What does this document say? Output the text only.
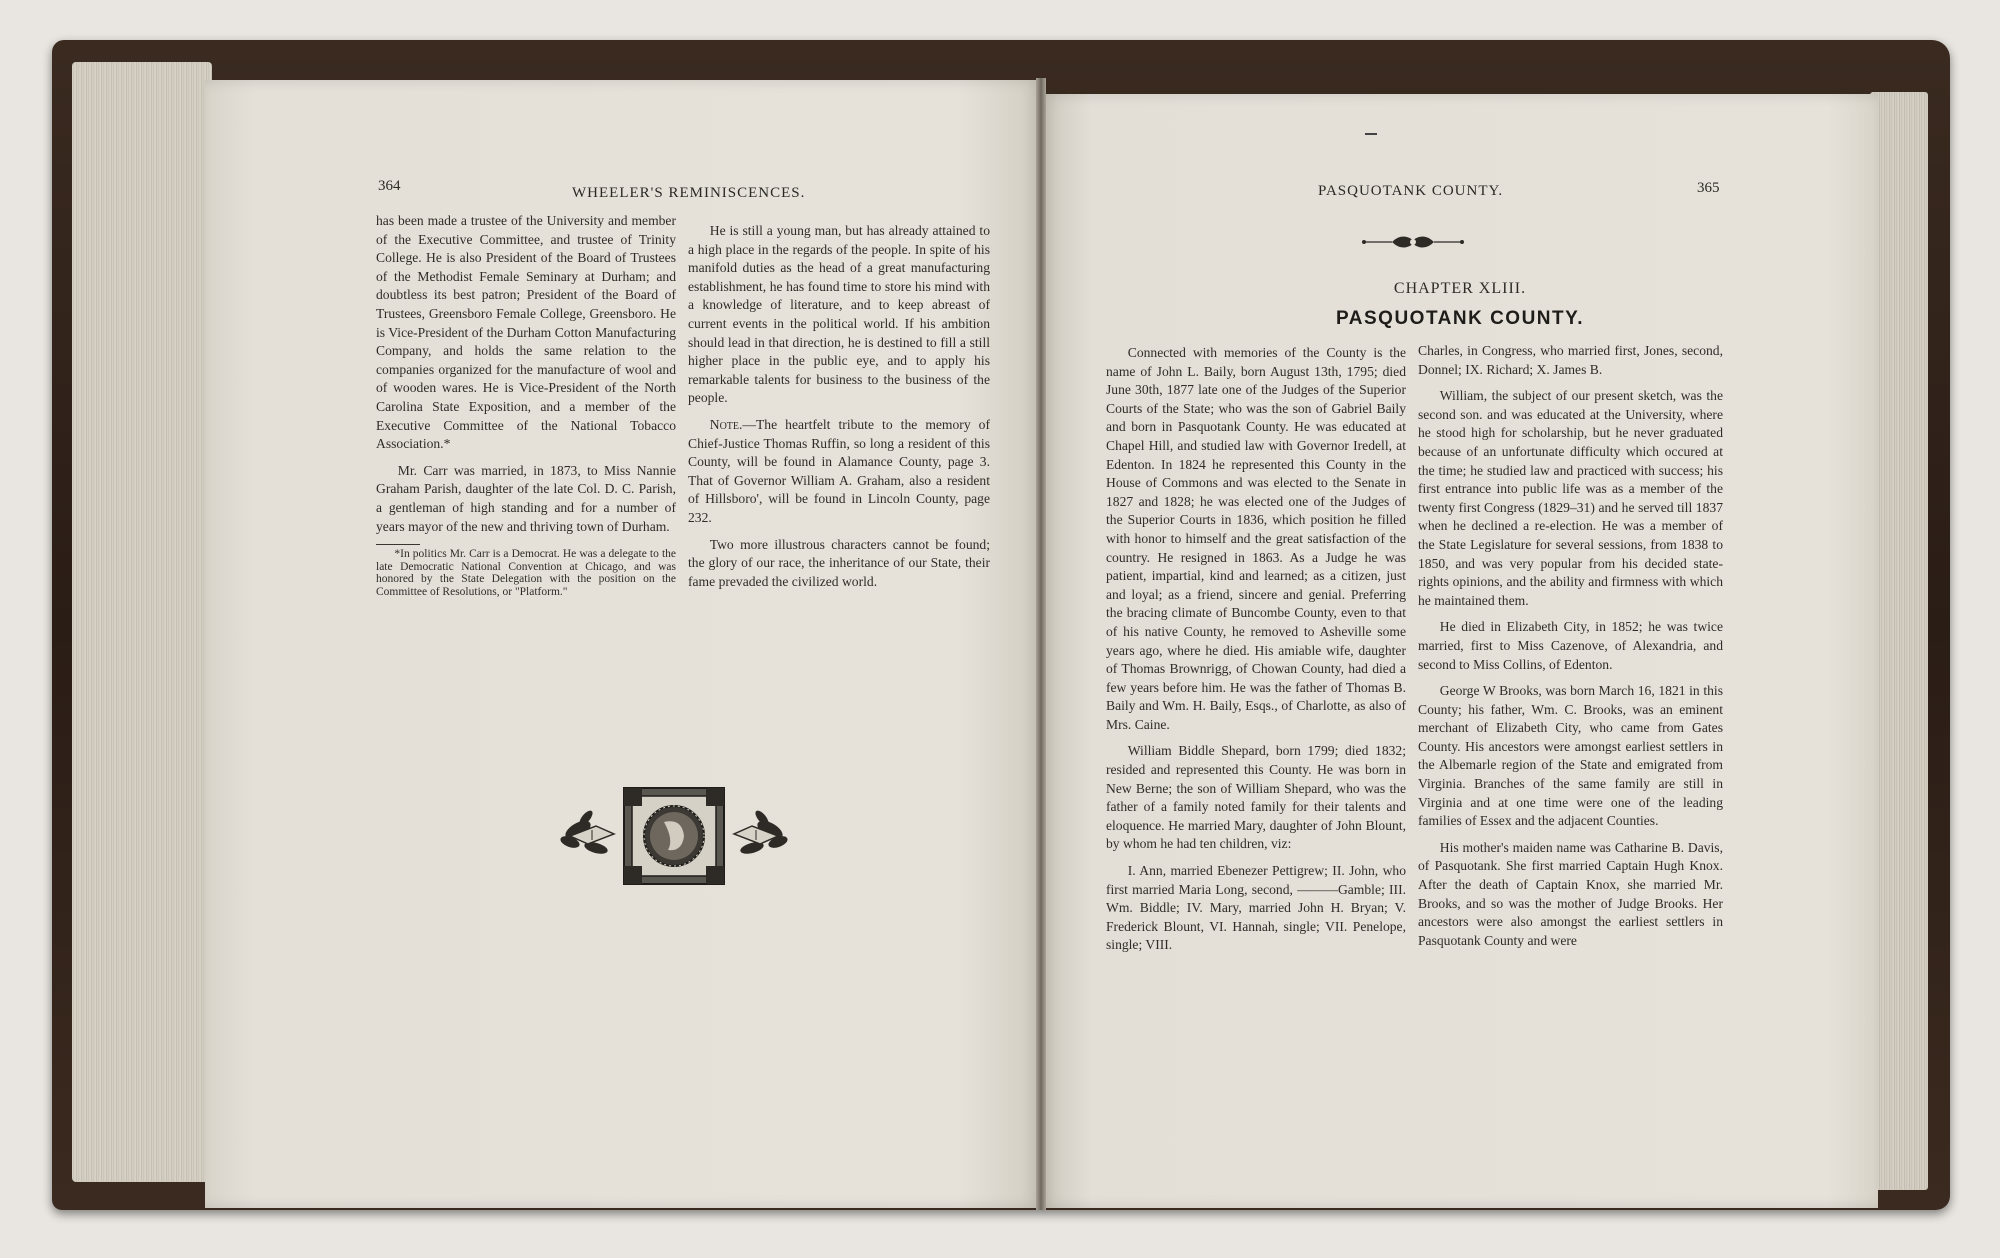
364	WHEELER'S REMINISCENCES.

has been made a trustee of the University and member of the Executive Committee, and trustee of Trinity College. He is also President of the Board of Trustees of the Methodist Female Seminary at Durham; and doubtless its best patron; President of the Board of Trustees, Greensboro Female College, Greensboro. He is Vice-President of the Durham Cotton Manufacturing Company, and holds the same relation to the companies organized for the manufacture of wool and of wooden wares. He is Vice-President of the North Carolina State Exposition, and a member of the Executive Committee of the National Tobacco Association.*

Mr. Carr was married, in 1873, to Miss Nannie Graham Parish, daughter of the late Col. D. C. Parish, a gentleman of high standing and for a number of years mayor of the new and thriving town of Durham.

*In politics Mr. Carr is a Democrat. He was a delegate to the late Democratic National Convention at Chicago, and was honored by the State Delegation with the position on the Committee of Resolutions, or "Platform."

He is still a young man, but has already attained to a high place in the regards of the people. In spite of his manifold duties as the head of a great manufacturing establishment, he has found time to store his mind with a knowledge of literature, and to keep abreast of current events in the political world. If his ambition should lead in that direction, he is destined to fill a still higher place in the public eye, and to apply his remarkable talents for business to the business of the people.

Note.—The heartfelt tribute to the memory of Chief-Justice Thomas Ruffin, so long a resident of this County, will be found in Alamance County, page 3. That of Governor William A. Graham, also a resident of Hillsboro', will be found in Lincoln County, page 232.

Two more illustrous characters cannot be found; the glory of our race, the inheritance of our State, their fame prevaded the civilized world.

PASQUOTANK COUNTY.	365
CHAPTER XLIII.
PASQUOTANK COUNTY.

Connected with memories of the County is the name of John L. Baily, born August 13th, 1795; died June 30th, 1877 late one of the Judges of the Superior Courts of the State; who was the son of Gabriel Baily and born in Pasquotank County. He was educated at Chapel Hill, and studied law with Governor Iredell, at Edenton. In 1824 he represented this County in the House of Commons and was elected to the Senate in 1827 and 1828; he was elected one of the Judges of the Superior Courts in 1836, which position he filled with honor to himself and the great satisfaction of the country. He resigned in 1863. As a Judge he was patient, impartial, kind and learned; as a citizen, just and loyal; as a friend, sincere and genial. Preferring the bracing climate of Buncombe County, even to that of his native County, he removed to Asheville some years ago, where he died. His amiable wife, daughter of Thomas Brownrigg, of Chowan County, had died a few years before him. He was the father of Thomas B. Baily and Wm. H. Baily, Esqs., of Charlotte, as also of Mrs. Caine.

William Biddle Shepard, born 1799; died 1832; resided and represented this County. He was born in New Berne; the son of William Shepard, who was the father of a family noted family for their talents and eloquence. He married Mary, daughter of John Blount, by whom he had ten children, viz:

I. Ann, married Ebenezer Pettigrew; II. John, who first married Maria Long, second, ———Gamble; III. Wm. Biddle; IV. Mary, married John H. Bryan; V. Frederick Blount, VI. Hannah, single; VII. Penelope, single; VIII.

Charles, in Congress, who married first, Jones, second, Donnel; IX. Richard; X. James B.

William, the subject of our present sketch, was the second son. and was educated at the University, where he stood high for scholarship, but he never graduated because of an unfortunate difficulty which occured at the time; he studied law and practiced with success; his first entrance into public life was as a member of the twenty first Congress (1829–31) and he served till 1837 when he declined a re-election. He was a member of the State Legislature for several sessions, from 1838 to 1850, and was very popular from his decided state-rights opinions, and the ability and firmness with which he maintained them.

He died in Elizabeth City, in 1852; he was twice married, first to Miss Cazenove, of Alexandria, and second to Miss Collins, of Edenton.

George W Brooks, was born March 16, 1821 in this County; his father, Wm. C. Brooks, was an eminent merchant of Elizabeth City, who came from Gates County. His ancestors were amongst earliest settlers in the Albemarle region of the State and emigrated from Virginia. Branches of the same family are still in Virginia and at one time were one of the leading families of Essex and the adjacent Counties.

His mother's maiden name was Catharine B. Davis, of Pasquotank. She first married Captain Hugh Knox. After the death of Captain Knox, she married Mr. Brooks, and so was the mother of Judge Brooks. Her ancestors were also amongst the earliest settlers in Pasquotank County and were
